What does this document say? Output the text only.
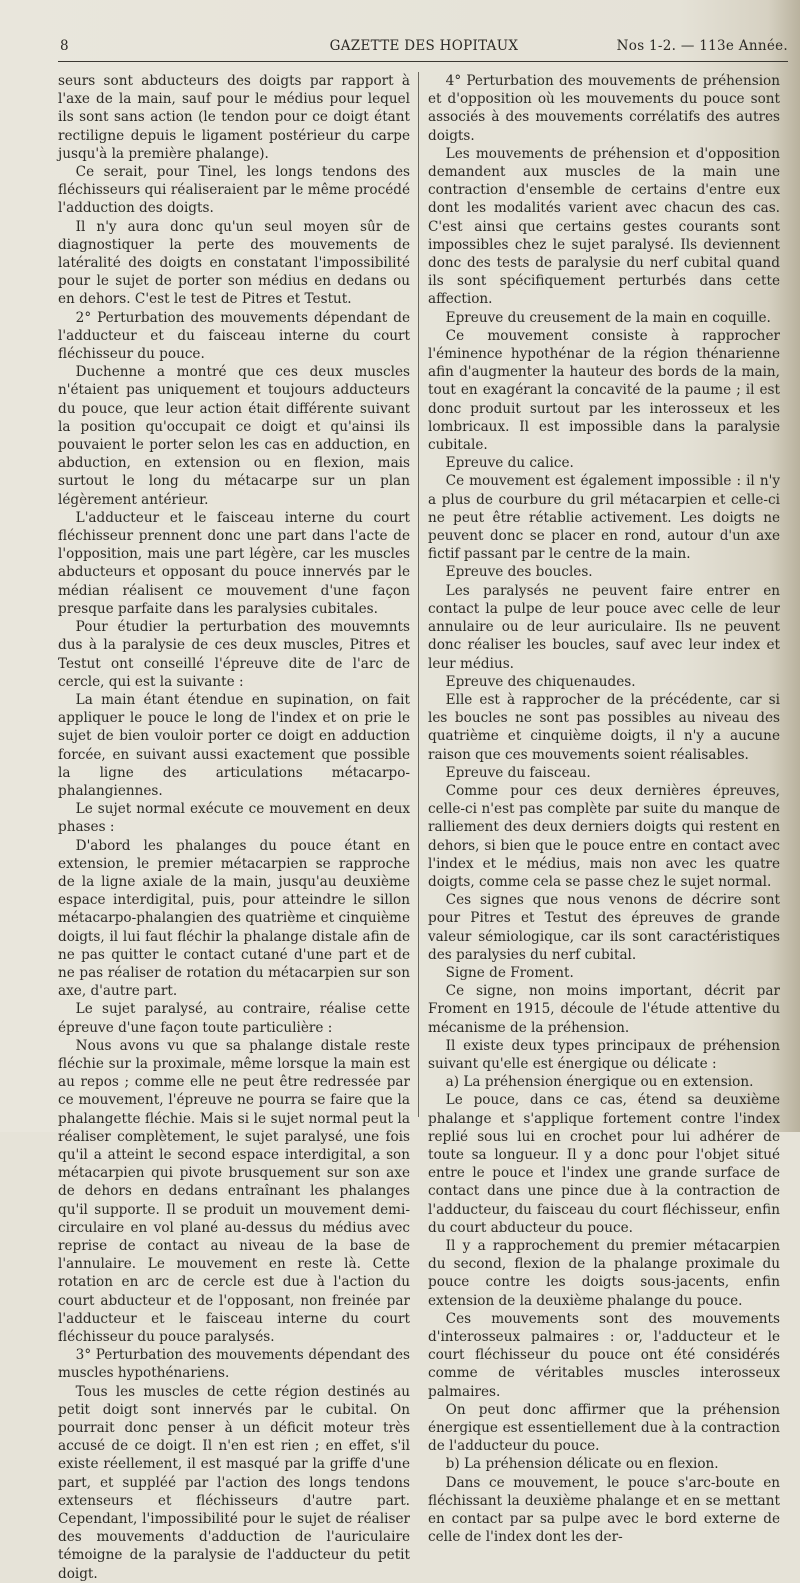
8	GAZETTE DES HOPITAUX	Nos 1-2. — 113e Année.

seurs sont abducteurs des doigts par rapport à l'axe de la main, sauf pour le médius pour lequel ils sont sans action (le tendon pour ce doigt étant rectiligne depuis le ligament postérieur du carpe jusqu'à la première phalange).

Ce serait, pour Tinel, les longs tendons des fléchisseurs qui réaliseraient par le même procédé l'adduction des doigts.

Il n'y aura donc qu'un seul moyen sûr de diagnostiquer la perte des mouvements de latéralité des doigts en constatant l'impossibilité pour le sujet de porter son médius en dedans ou en dehors. C'est le test de Pitres et Testut.

2° Perturbation des mouvements dépendant de l'adducteur et du faisceau interne du court fléchisseur du pouce.

Duchenne a montré que ces deux muscles n'étaient pas uniquement et toujours adducteurs du pouce, que leur action était différente suivant la position qu'occupait ce doigt et qu'ainsi ils pouvaient le porter selon les cas en adduction, en abduction, en extension ou en flexion, mais surtout le long du métacarpe sur un plan légèrement antérieur.

L'adducteur et le faisceau interne du court fléchisseur prennent donc une part dans l'acte de l'opposition, mais une part légère, car les muscles abducteurs et opposant du pouce innervés par le médian réalisent ce mouvement d'une façon presque parfaite dans les paralysies cubitales.

Pour étudier la perturbation des mouvemnts dus à la paralysie de ces deux muscles, Pitres et Testut ont conseillé l'épreuve dite de l'arc de cercle, qui est la suivante :

La main étant étendue en supination, on fait appliquer le pouce le long de l'index et on prie le sujet de bien vouloir porter ce doigt en adduction forcée, en suivant aussi exactement que possible la ligne des articulations métacarpo-phalangiennes.

Le sujet normal exécute ce mouvement en deux phases :

D'abord les phalanges du pouce étant en extension, le premier métacarpien se rapproche de la ligne axiale de la main, jusqu'au deuxième espace interdigital, puis, pour atteindre le sillon métacarpo-phalangien des quatrième et cinquième doigts, il lui faut fléchir la phalange distale afin de ne pas quitter le contact cutané d'une part et de ne pas réaliser de rotation du métacarpien sur son axe, d'autre part.

Le sujet paralysé, au contraire, réalise cette épreuve d'une façon toute particulière :

Nous avons vu que sa phalange distale reste fléchie sur la proximale, même lorsque la main est au repos ; comme elle ne peut être redressée par ce mouvement, l'épreuve ne pourra se faire que la phalangette fléchie. Mais si le sujet normal peut la réaliser complètement, le sujet paralysé, une fois qu'il a atteint le second espace interdigital, a son métacarpien qui pivote brusquement sur son axe de dehors en dedans entraînant les phalanges qu'il supporte. Il se produit un mouvement demi-circulaire en vol plané au-dessus du médius avec reprise de contact au niveau de la base de l'annulaire. Le mouvement en reste là. Cette rotation en arc de cercle est due à l'action du court abducteur et de l'opposant, non freinée par l'adducteur et le faisceau interne du court fléchisseur du pouce paralysés.

3° Perturbation des mouvements dépendant des muscles hypothénariens.

Tous les muscles de cette région destinés au petit doigt sont innervés par le cubital. On pourrait donc penser à un déficit moteur très accusé de ce doigt. Il n'en est rien ; en effet, s'il existe réellement, il est masqué par la griffe d'une part, et suppléé par l'action des longs tendons extenseurs et fléchisseurs d'autre part. Cependant, l'impossibilité pour le sujet de réaliser des mouvements d'adduction de l'auriculaire témoigne de la paralysie de l'adducteur du petit doigt.

4° Perturbation des mouvements de préhension et d'opposition où les mouvements du pouce sont associés à des mouvements corrélatifs des autres doigts.

Les mouvements de préhension et d'opposition demandent aux muscles de la main une contraction d'ensemble de certains d'entre eux dont les modalités varient avec chacun des cas. C'est ainsi que certains gestes courants sont impossibles chez le sujet paralysé. Ils deviennent donc des tests de paralysie du nerf cubital quand ils sont spécifiquement perturbés dans cette affection.

Epreuve du creusement de la main en coquille.

Ce mouvement consiste à rapprocher l'éminence hypothénar de la région thénarienne afin d'augmenter la hauteur des bords de la main, tout en exagérant la concavité de la paume ; il est donc produit surtout par les interosseux et les lombricaux. Il est impossible dans la paralysie cubitale.

Epreuve du calice.

Ce mouvement est également impossible : il n'y a plus de courbure du gril métacarpien et celle-ci ne peut être rétablie activement. Les doigts ne peuvent donc se placer en rond, autour d'un axe fictif passant par le centre de la main.

Epreuve des boucles.

Les paralysés ne peuvent faire entrer en contact la pulpe de leur pouce avec celle de leur annulaire ou de leur auriculaire. Ils ne peuvent donc réaliser les boucles, sauf avec leur index et leur médius.

Epreuve des chiquenaudes.

Elle est à rapprocher de la précédente, car si les boucles ne sont pas possibles au niveau des quatrième et cinquième doigts, il n'y a aucune raison que ces mouvements soient réalisables.

Epreuve du faisceau.

Comme pour ces deux dernières épreuves, celle-ci n'est pas complète par suite du manque de ralliement des deux derniers doigts qui restent en dehors, si bien que le pouce entre en contact avec l'index et le médius, mais non avec les quatre doigts, comme cela se passe chez le sujet normal.

Ces signes que nous venons de décrire sont pour Pitres et Testut des épreuves de grande valeur sémiologique, car ils sont caractéristiques des paralysies du nerf cubital.

Signe de Froment.

Ce signe, non moins important, décrit par Froment en 1915, découle de l'étude attentive du mécanisme de la préhension.

Il existe deux types principaux de préhension suivant qu'elle est énergique ou délicate :

a) La préhension énergique ou en extension.

Le pouce, dans ce cas, étend sa deuxième phalange et s'applique fortement contre l'index replié sous lui en crochet pour lui adhérer de toute sa longueur. Il y a donc pour l'objet situé entre le pouce et l'index une grande surface de contact dans une pince due à la contraction de l'adducteur, du faisceau du court fléchisseur, enfin du court abducteur du pouce.

Il y a rapprochement du premier métacarpien du second, flexion de la phalange proximale du pouce contre les doigts sous-jacents, enfin extension de la deuxième phalange du pouce.

Ces mouvements sont des mouvements d'interosseux palmaires : or, l'adducteur et le court fléchisseur du pouce ont été considérés comme de véritables muscles interosseux palmaires.

On peut donc affirmer que la préhension énergique est essentiellement due à la contraction de l'adducteur du pouce.

b) La préhension délicate ou en flexion.

Dans ce mouvement, le pouce s'arc-boute en fléchissant la deuxième phalange et en se mettant en contact par sa pulpe avec le bord externe de celle de l'index dont les der-
